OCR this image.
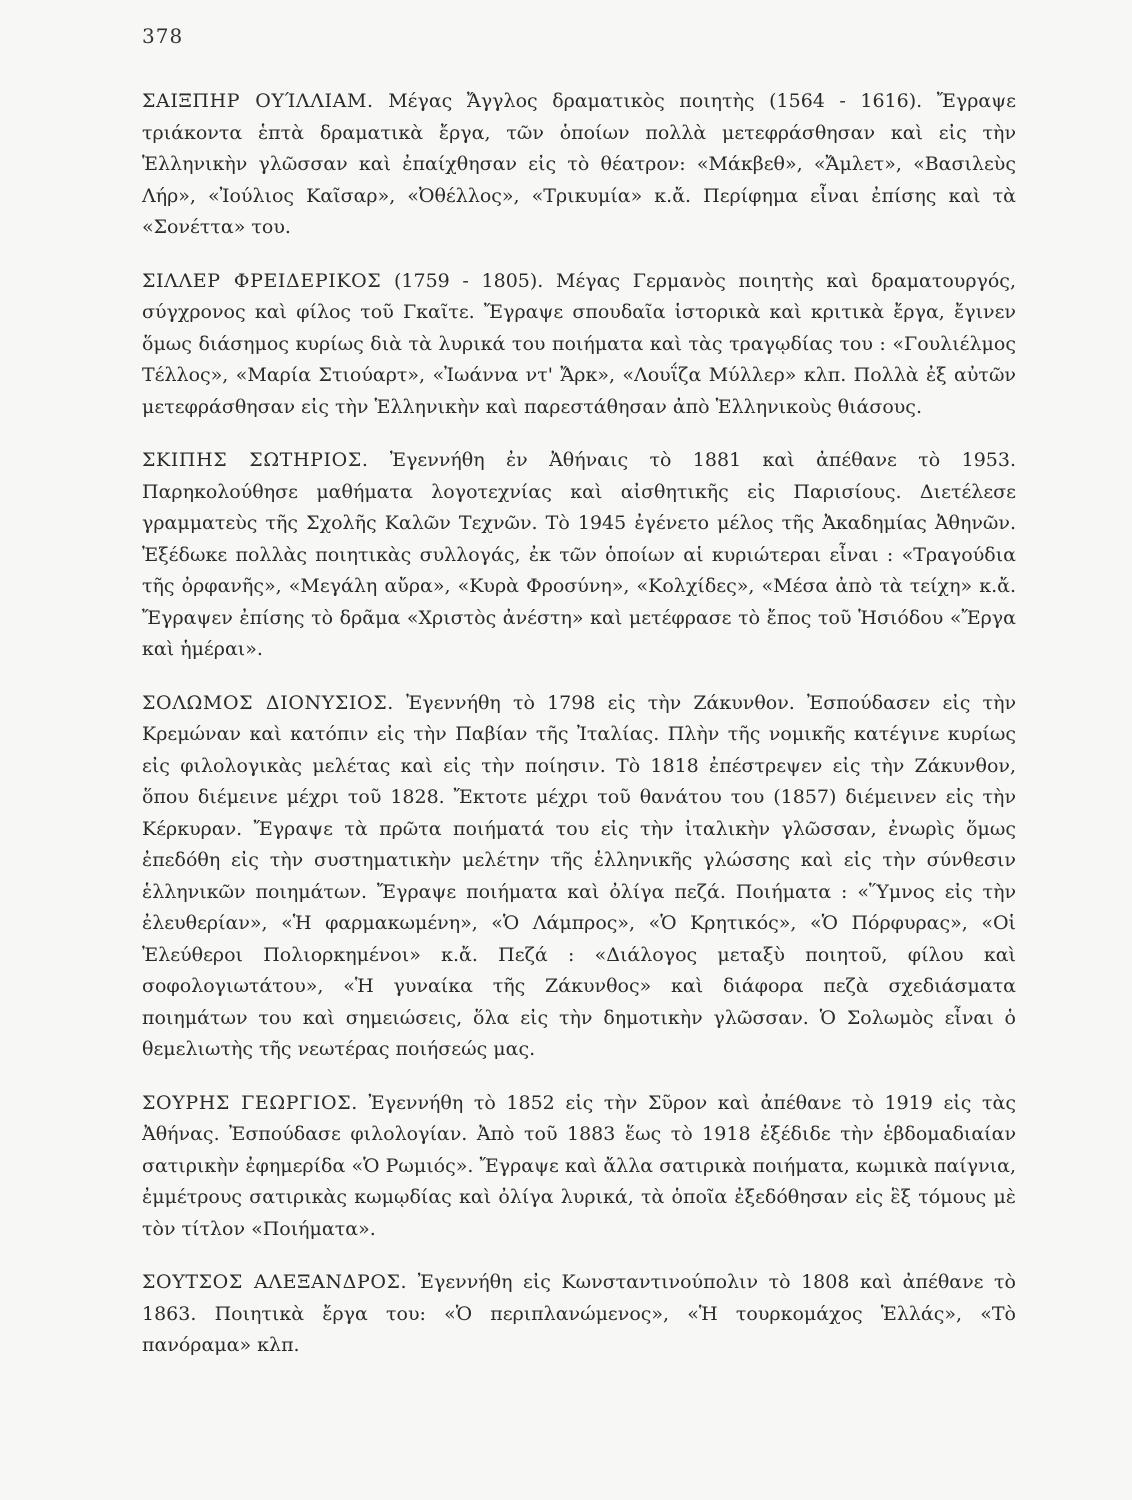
378

ΣΑΙΞΠΗΡ ΟΥΊΛΛΙΑΜ. Μέγας Ἄγγλος δραματικὸς ποιητὴς (1564 - 1616). Ἔγραψε τριάκοντα ἑπτὰ δραματικὰ ἔργα, τῶν ὁποίων πολλὰ μετεφράσθησαν καὶ εἰς τὴν Ἑλληνικὴν γλῶσσαν καὶ ἐπαίχθησαν εἰς τὸ θέατρον: «Μάκβεθ», «Ἄμλετ», «Βασιλεὺς Λήρ», «Ἰούλιος Καῖσαρ», «Ὀθέλλος», «Τρικυμία» κ.ἄ. Περίφημα εἶναι ἐπίσης καὶ τὰ «Σονέττα» του.

ΣΙΛΛΕΡ ΦΡΕΙΔΕΡΙΚΟΣ (1759 - 1805). Μέγας Γερμανὸς ποιητὴς καὶ δραματουργός, σύγχρονος καὶ φίλος τοῦ Γκαῖτε. Ἔγραψε σπουδαῖα ἱστορικὰ καὶ κριτικὰ ἔργα, ἔγινεν ὅμως διάσημος κυρίως διὰ τὰ λυρικά του ποιήματα καὶ τὰς τραγῳδίας του : «Γουλιέλμος Τέλλος», «Μαρία Στιούαρτ», «Ἰωάννα ντ' Ἄρκ», «Λουΐζα Μύλλερ» κλπ. Πολλὰ ἐξ αὐτῶν μετεφράσθησαν εἰς τὴν Ἑλληνικὴν καὶ παρεστάθησαν ἀπὸ Ἑλληνικοὺς θιάσους.

ΣΚΙΠΗΣ ΣΩΤΗΡΙΟΣ. Ἐγεννήθη ἐν Ἀθήναις τὸ 1881 καὶ ἀπέθανε τὸ 1953. Παρηκολούθησε μαθήματα λογοτεχνίας καὶ αἰσθητικῆς εἰς Παρισίους. Διετέλεσε γραμματεὺς τῆς Σχολῆς Καλῶν Τεχνῶν. Τὸ 1945 ἐγένετο μέλος τῆς Ἀκαδημίας Ἀθηνῶν. Ἐξέδωκε πολλὰς ποιητικὰς συλλογάς, ἐκ τῶν ὁποίων αἱ κυριώτεραι εἶναι : «Τραγούδια τῆς ὀρφανῆς», «Μεγάλη αὔρα», «Κυρὰ Φροσύνη», «Κολχίδες», «Μέσα ἀπὸ τὰ τείχη» κ.ἄ. Ἔγραψεν ἐπίσης τὸ δρᾶμα «Χριστὸς ἀνέστη» καὶ μετέφρασε τὸ ἔπος τοῦ Ἡσιόδου «Ἔργα καὶ ἡμέραι».

ΣΟΛΩΜΟΣ ΔΙΟΝΥΣΙΟΣ. Ἐγεννήθη τὸ 1798 εἰς τὴν Ζάκυνθον. Ἐσπούδασεν εἰς τὴν Κρεμώναν καὶ κατόπιν εἰς τὴν Παβίαν τῆς Ἰταλίας. Πλὴν τῆς νομικῆς κατέγινε κυρίως εἰς φιλολογικὰς μελέτας καὶ εἰς τὴν ποίησιν. Τὸ 1818 ἐπέστρεψεν εἰς τὴν Ζάκυνθον, ὅπου διέμεινε μέχρι τοῦ 1828. Ἔκτοτε μέχρι τοῦ θανάτου του (1857) διέμεινεν εἰς τὴν Κέρκυραν. Ἔγραψε τὰ πρῶτα ποιήματά του εἰς τὴν ἰταλικὴν γλῶσσαν, ἐνωρὶς ὅμως ἐπεδόθη εἰς τὴν συστηματικὴν μελέτην τῆς ἑλληνικῆς γλώσσης καὶ εἰς τὴν σύνθεσιν ἑλληνικῶν ποιημάτων. Ἔγραψε ποιήματα καὶ ὀλίγα πεζά. Ποιήματα : «Ὕμνος εἰς τὴν ἐλευθερίαν», «Ἡ φαρμακωμένη», «Ὁ Λάμπρος», «Ὁ Κρητικός», «Ὁ Πόρφυρας», «Οἱ Ἐλεύθεροι Πολιορκημένοι» κ.ἄ. Πεζά : «Διάλογος μεταξὺ ποιητοῦ, φίλου καὶ σοφολογιωτάτου», «Ἡ γυναίκα τῆς Ζάκυνθος» καὶ διάφορα πεζὰ σχεδιάσματα ποιημάτων του καὶ σημειώσεις, ὅλα εἰς τὴν δημοτικὴν γλῶσσαν. Ὁ Σολωμὸς εἶναι ὁ θεμελιωτὴς τῆς νεωτέρας ποιήσεώς μας.

ΣΟΥΡΗΣ ΓΕΩΡΓΙΟΣ. Ἐγεννήθη τὸ 1852 εἰς τὴν Σῦρον καὶ ἀπέθανε τὸ 1919 εἰς τὰς Ἀθήνας. Ἐσπούδασε φιλολογίαν. Ἀπὸ τοῦ 1883 ἕως τὸ 1918 ἐξέδιδε τὴν ἑβδομαδιαίαν σατιρικὴν ἐφημερίδα «Ὁ Ρωμιός». Ἔγραψε καὶ ἄλλα σατιρικὰ ποιήματα, κωμικὰ παίγνια, ἐμμέτρους σατιρικὰς κωμῳδίας καὶ ὀλίγα λυρικά, τὰ ὁποῖα ἐξεδόθησαν εἰς ἓξ τόμους μὲ τὸν τίτλον «Ποιήματα».

ΣΟΥΤΣΟΣ ΑΛΕΞΑΝΔΡΟΣ. Ἐγεννήθη εἰς Κωνσταντινούπολιν τὸ 1808 καὶ ἀπέθανε τὸ 1863. Ποιητικὰ ἔργα του: «Ὁ περιπλανώμενος», «Ἡ τουρκομάχος Ἑλλάς», «Τὸ πανόραμα» κλπ.
